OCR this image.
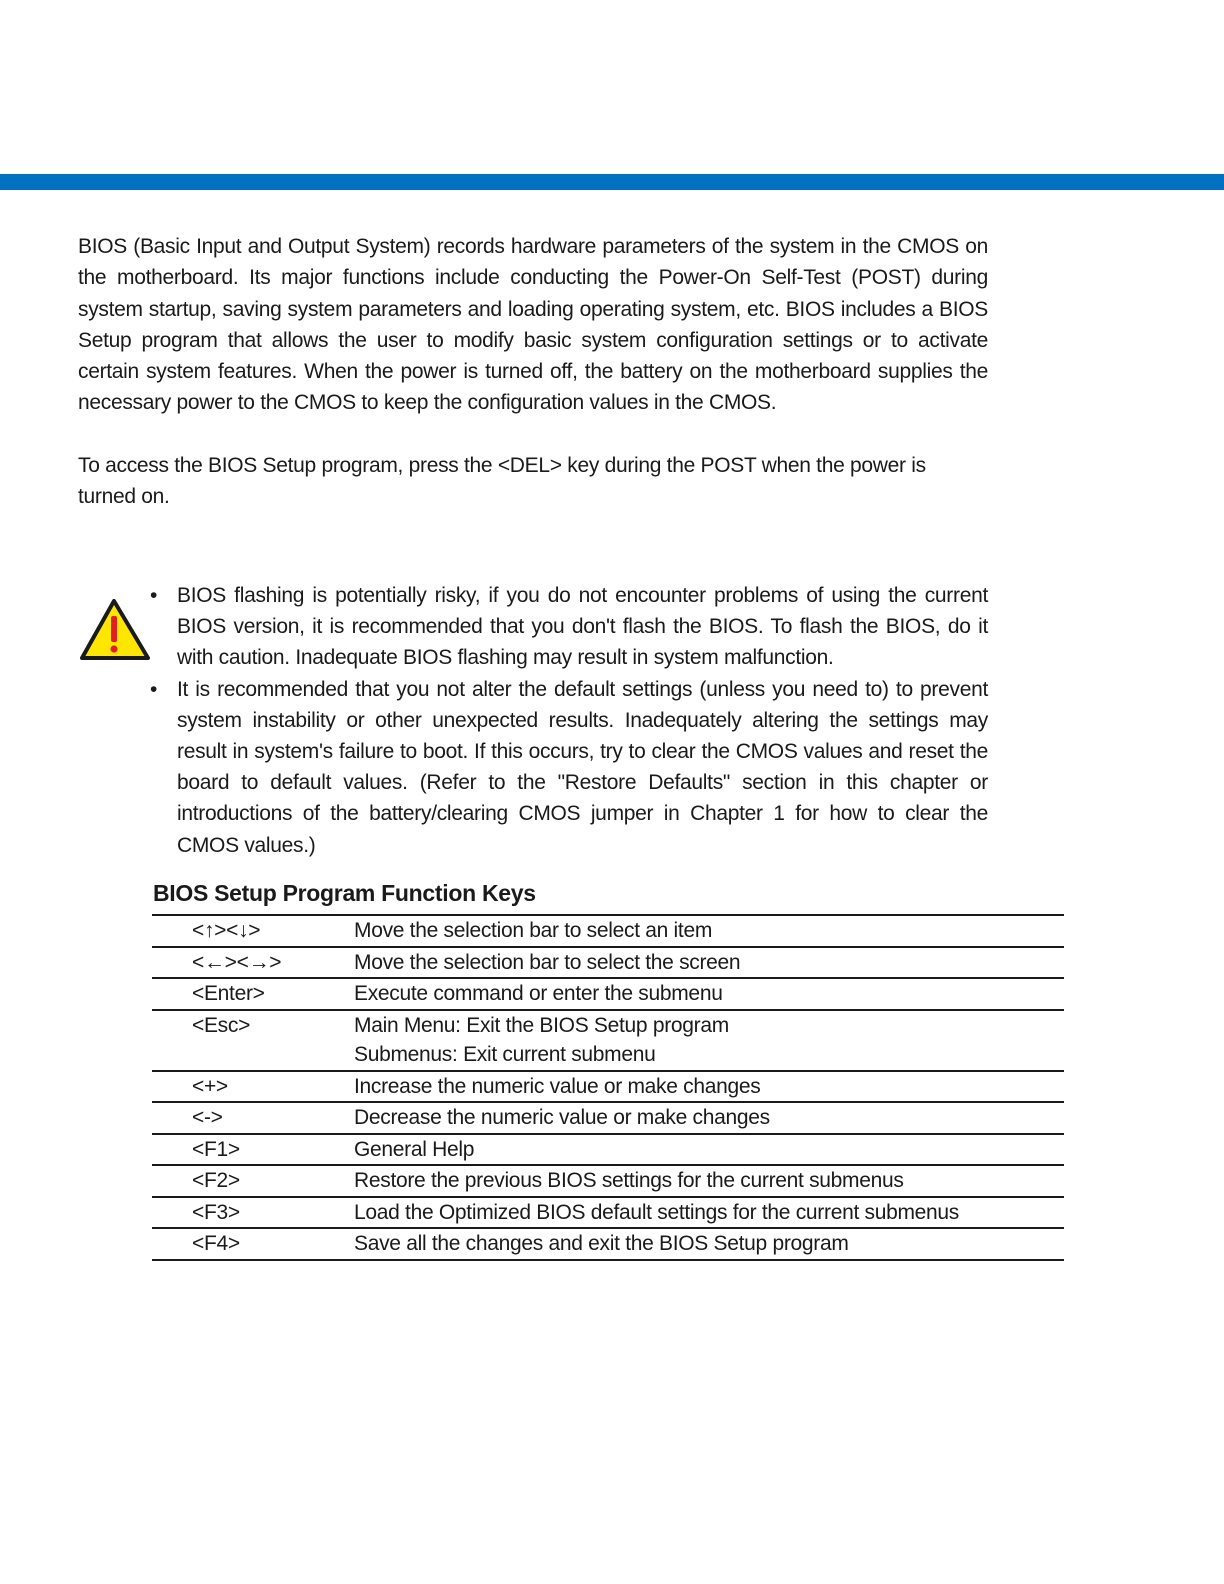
BIOS (Basic Input and Output System) records hardware parameters of the system in the CMOS on the motherboard. Its major functions include conducting the Power-On Self-Test (POST) during system startup, saving system parameters and loading operating system, etc. BIOS includes a BIOS Setup program that allows the user to modify basic system configuration settings or to activate certain system features. When the power is turned off, the battery on the motherboard supplies the necessary power to the CMOS to keep the configuration values in the CMOS.

To access the BIOS Setup program, press the <DEL> key during the POST when the power is turned on.

• BIOS flashing is potentially risky, if you do not encounter problems of using the current BIOS version, it is recommended that you don't flash the BIOS. To flash the BIOS, do it with caution. Inadequate BIOS flashing may result in system malfunction.
• It is recommended that you not alter the default settings (unless you need to) to prevent system instability or other unexpected results. Inadequately altering the settings may result in system's failure to boot. If this occurs, try to clear the CMOS values and reset the board to default values. (Refer to the "Restore Defaults" section in this chapter or introductions of the battery/clearing CMOS jumper in Chapter 1 for how to clear the CMOS values.)
BIOS Setup Program Function Keys
<↑><↓>	Move the selection bar to select an item

<←><→>	Move the selection bar to select the screen

<Enter>	Execute command or enter the submenu

<Esc>	Main Menu: Exit the BIOS Setup program
Submenus: Exit current submenu

<+>	Increase the numeric value or make changes

<->	Decrease the numeric value or make changes

<F1>	General Help

<F2>	Restore the previous BIOS settings for the current submenus

<F3>	Load the Optimized BIOS default settings for the current submenus

<F4>	Save all the changes and exit the BIOS Setup program
